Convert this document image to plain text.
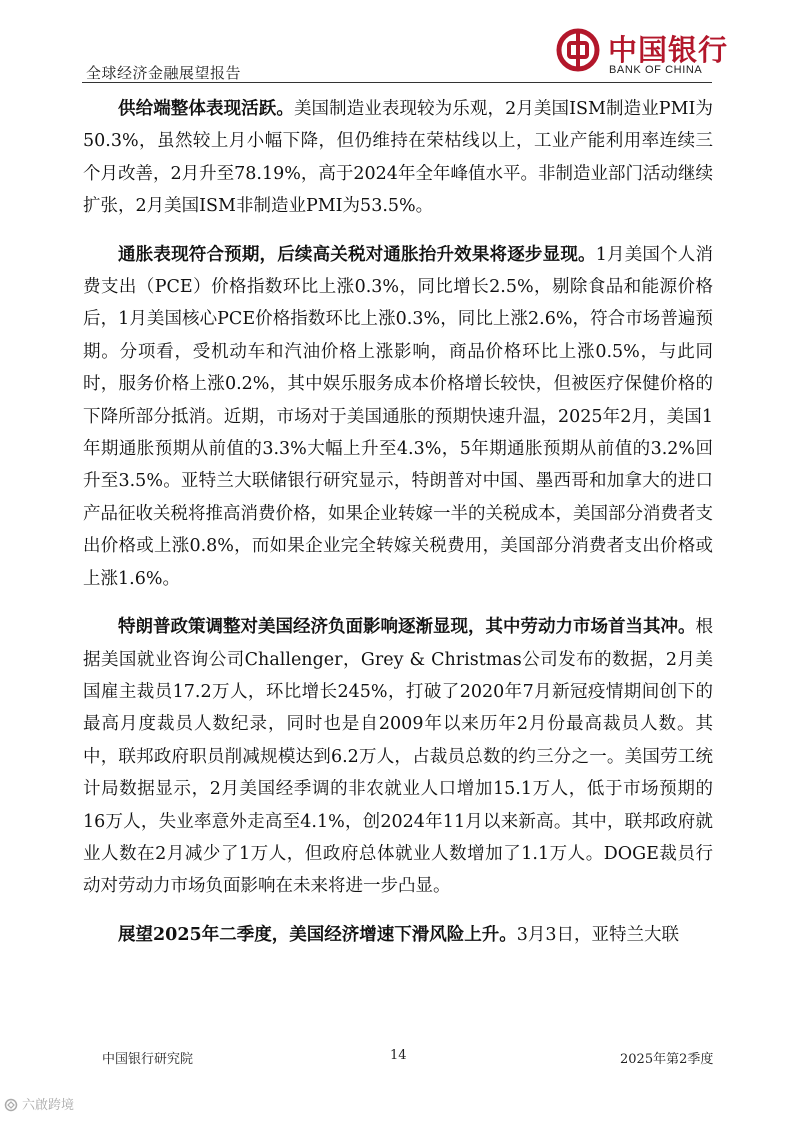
全球经济金融展望报告
中国银行
BANK OF CHINA

供给端整体表现活跃。美国制造业表现较为乐观，2月美国ISM制造业PMI为50.3%，虽然较上月小幅下降，但仍维持在荣枯线以上，工业产能利用率连续三个月改善，2月升至78.19%，高于2024年全年峰值水平。非制造业部门活动继续扩张，2月美国ISM非制造业PMI为53.5%。

通胀表现符合预期，后续高关税对通胀抬升效果将逐步显现。1月美国个人消费支出（PCE）价格指数环比上涨0.3%，同比增长2.5%，剔除食品和能源价格后，1月美国核心PCE价格指数环比上涨0.3%，同比上涨2.6%，符合市场普遍预期。分项看，受机动车和汽油价格上涨影响，商品价格环比上涨0.5%，与此同时，服务价格上涨0.2%，其中娱乐服务成本价格增长较快，但被医疗保健价格的下降所部分抵消。近期，市场对于美国通胀的预期快速升温，2025年2月，美国1年期通胀预期从前值的3.3%大幅上升至4.3%，5年期通胀预期从前值的3.2%回升至3.5%。亚特兰大联储银行研究显示，特朗普对中国、墨西哥和加拿大的进口产品征收关税将推高消费价格，如果企业转嫁一半的关税成本，美国部分消费者支出价格或上涨0.8%，而如果企业完全转嫁关税费用，美国部分消费者支出价格或上涨1.6%。

特朗普政策调整对美国经济负面影响逐渐显现，其中劳动力市场首当其冲。根据美国就业咨询公司Challenger，Grey & Christmas公司发布的数据，2月美国雇主裁员17.2万人，环比增长245%，打破了2020年7月新冠疫情期间创下的最高月度裁员人数纪录，同时也是自2009年以来历年2月份最高裁员人数。其中，联邦政府职员削减规模达到6.2万人，占裁员总数的约三分之一。美国劳工统计局数据显示，2月美国经季调的非农就业人口增加15.1万人，低于市场预期的16万人，失业率意外走高至4.1%，创2024年11月以来新高。其中，联邦政府就业人数在2月减少了1万人，但政府总体就业人数增加了1.1万人。DOGE裁员行动对劳动力市场负面影响在未来将进一步凸显。

展望2025年二季度，美国经济增速下滑风险上升。3月3日，亚特兰大联

中国银行研究院	14	2025年第2季度
六啟跨境
